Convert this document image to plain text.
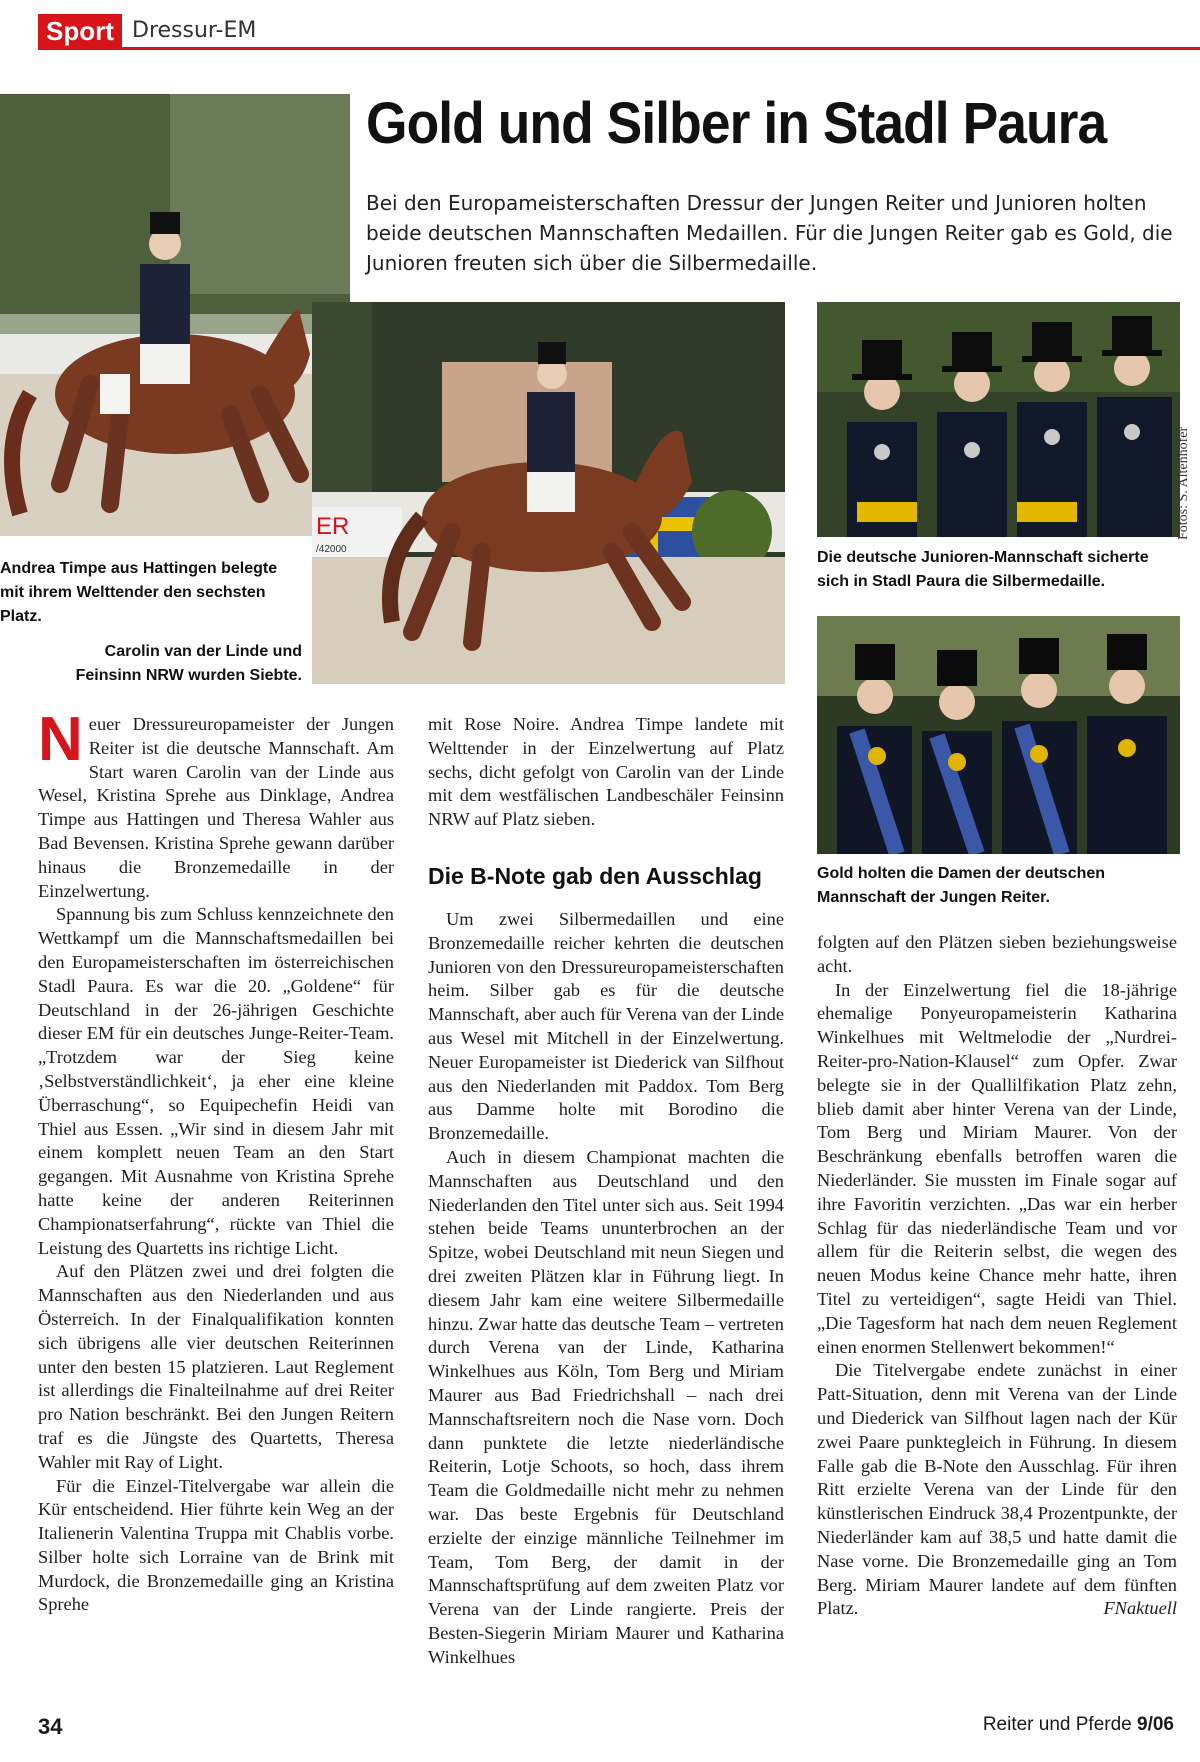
Sport Dressur-EM
Gold und Silber in Stadl Paura
Bei den Europameisterschaften Dressur der Jungen Reiter und Junioren holten beide deutschen Mannschaften Medaillen. Für die Jungen Reiter gab es Gold, die Junioren freuten sich über die Silbermedaille.
ER
/42000
Fotos: S. Altenhofer
Andrea Timpe aus Hattingen belegte mit ihrem Welttender den sechsten Platz.
Carolin van der Linde und Feinsinn NRW wurden Siebte.
Die deutsche Junioren-Mannschaft sicherte sich in Stadl Paura die Silbermedaille.
Gold holten die Damen der deutschen Mannschaft der Jungen Reiter.

Neuer Dressureuropameister der Jungen Reiter ist die deutsche Mannschaft. Am Start waren Carolin van der Linde aus Wesel, Kristina Sprehe aus Dinklage, Andrea Timpe aus Hattingen und Theresa Wahler aus Bad Bevensen. Kristina Sprehe gewann darüber hinaus die Bronzemedaille in der Einzelwertung.

Spannung bis zum Schluss kennzeichnete den Wettkampf um die Mannschaftsmedaillen bei den Europameisterschaften im österreichischen Stadl Paura. Es war die 20. „Goldene“ für Deutschland in der 26-jährigen Geschichte dieser EM für ein deutsches Junge-Reiter-Team. „Trotzdem war der Sieg keine ‚Selbstverständlichkeit‘, ja eher eine kleine Überraschung“, so Equipechefin Heidi van Thiel aus Essen. „Wir sind in diesem Jahr mit einem komplett neuen Team an den Start gegangen. Mit Ausnahme von Kristina Sprehe hatte keine der anderen Reiterinnen Championatserfahrung“, rückte van Thiel die Leistung des Quartetts ins richtige Licht.

Auf den Plätzen zwei und drei folgten die Mannschaften aus den Niederlanden und aus Österreich. In der Finalqualifikation konnten sich übrigens alle vier deutschen Reiterinnen unter den besten 15 platzieren. Laut Reglement ist allerdings die Finalteilnahme auf drei Reiter pro Nation beschränkt. Bei den Jungen Reitern traf es die Jüngste des Quartetts, Theresa Wahler mit Ray of Light.

Für die Einzel-Titelvergabe war allein die Kür entscheidend. Hier führte kein Weg an der Italienerin Valentina Truppa mit Chablis vorbe. Silber holte sich Lorraine van de Brink mit Murdock, die Bronzemedaille ging an Kristina Sprehe

mit Rose Noire. Andrea Timpe landete mit Welttender in der Einzelwertung auf Platz sechs, dicht gefolgt von Carolin van der Linde mit dem westfälischen Landbeschäler Feinsinn NRW auf Platz sieben.

Die B-Note gab den Ausschlag

Um zwei Silbermedaillen und eine Bronzemedaille reicher kehrten die deutschen Junioren von den Dressureuropameisterschaften heim. Silber gab es für die deutsche Mannschaft, aber auch für Verena van der Linde aus Wesel mit Mitchell in der Einzelwertung. Neuer Europameister ist Diederick van Silfhout aus den Niederlanden mit Paddox. Tom Berg aus Damme holte mit Borodino die Bronzemedaille.

Auch in diesem Championat machten die Mannschaften aus Deutschland und den Niederlanden den Titel unter sich aus. Seit 1994 stehen beide Teams ununterbrochen an der Spitze, wobei Deutschland mit neun Siegen und drei zweiten Plätzen klar in Führung liegt. In diesem Jahr kam eine weitere Silbermedaille hinzu. Zwar hatte das deutsche Team – vertreten durch Verena van der Linde, Katharina Winkelhues aus Köln, Tom Berg und Miriam Maurer aus Bad Friedrichshall – nach drei Mannschaftsreitern noch die Nase vorn. Doch dann punktete die letzte niederländische Reiterin, Lotje Schoots, so hoch, dass ihrem Team die Goldmedaille nicht mehr zu nehmen war. Das beste Ergebnis für Deutschland erzielte der einzige männliche Teilnehmer im Team, Tom Berg, der damit in der Mannschaftsprüfung auf dem zweiten Platz vor Verena van der Linde rangierte. Preis der Besten-Siegerin Miriam Maurer und Katharina Winkelhues

folgten auf den Plätzen sieben beziehungsweise acht.

In der Einzelwertung fiel die 18-jährige ehemalige Ponyeuropameisterin Katharina Winkelhues mit Weltmelodie der „Nurdrei-Reiter-pro-Nation-Klausel“ zum Opfer. Zwar belegte sie in der Quallilfikation Platz zehn, blieb damit aber hinter Verena van der Linde, Tom Berg und Miriam Maurer. Von der Beschränkung ebenfalls betroffen waren die Niederländer. Sie mussten im Finale sogar auf ihre Favoritin verzichten. „Das war ein herber Schlag für das niederländische Team und vor allem für die Reiterin selbst, die wegen des neuen Modus keine Chance mehr hatte, ihren Titel zu verteidigen“, sagte Heidi van Thiel. „Die Tagesform hat nach dem neuen Reglement einen enormen Stellenwert bekommen!“

Die Titelvergabe endete zunächst in einer Patt-Situation, denn mit Verena van der Linde und Diederick van Silfhout lagen nach der Kür zwei Paare punktegleich in Führung. In diesem Falle gab die B-Note den Ausschlag. Für ihren Ritt erzielte Verena van der Linde für den künstlerischen Eindruck 38,4 Prozentpunkte, der Niederländer kam auf 38,5 und hatte damit die Nase vorne. Die Bronzemedaille ging an Tom Berg. Miriam Maurer landete auf dem fünften Platz.	FNaktuell

34	Reiter und Pferde 9/06
